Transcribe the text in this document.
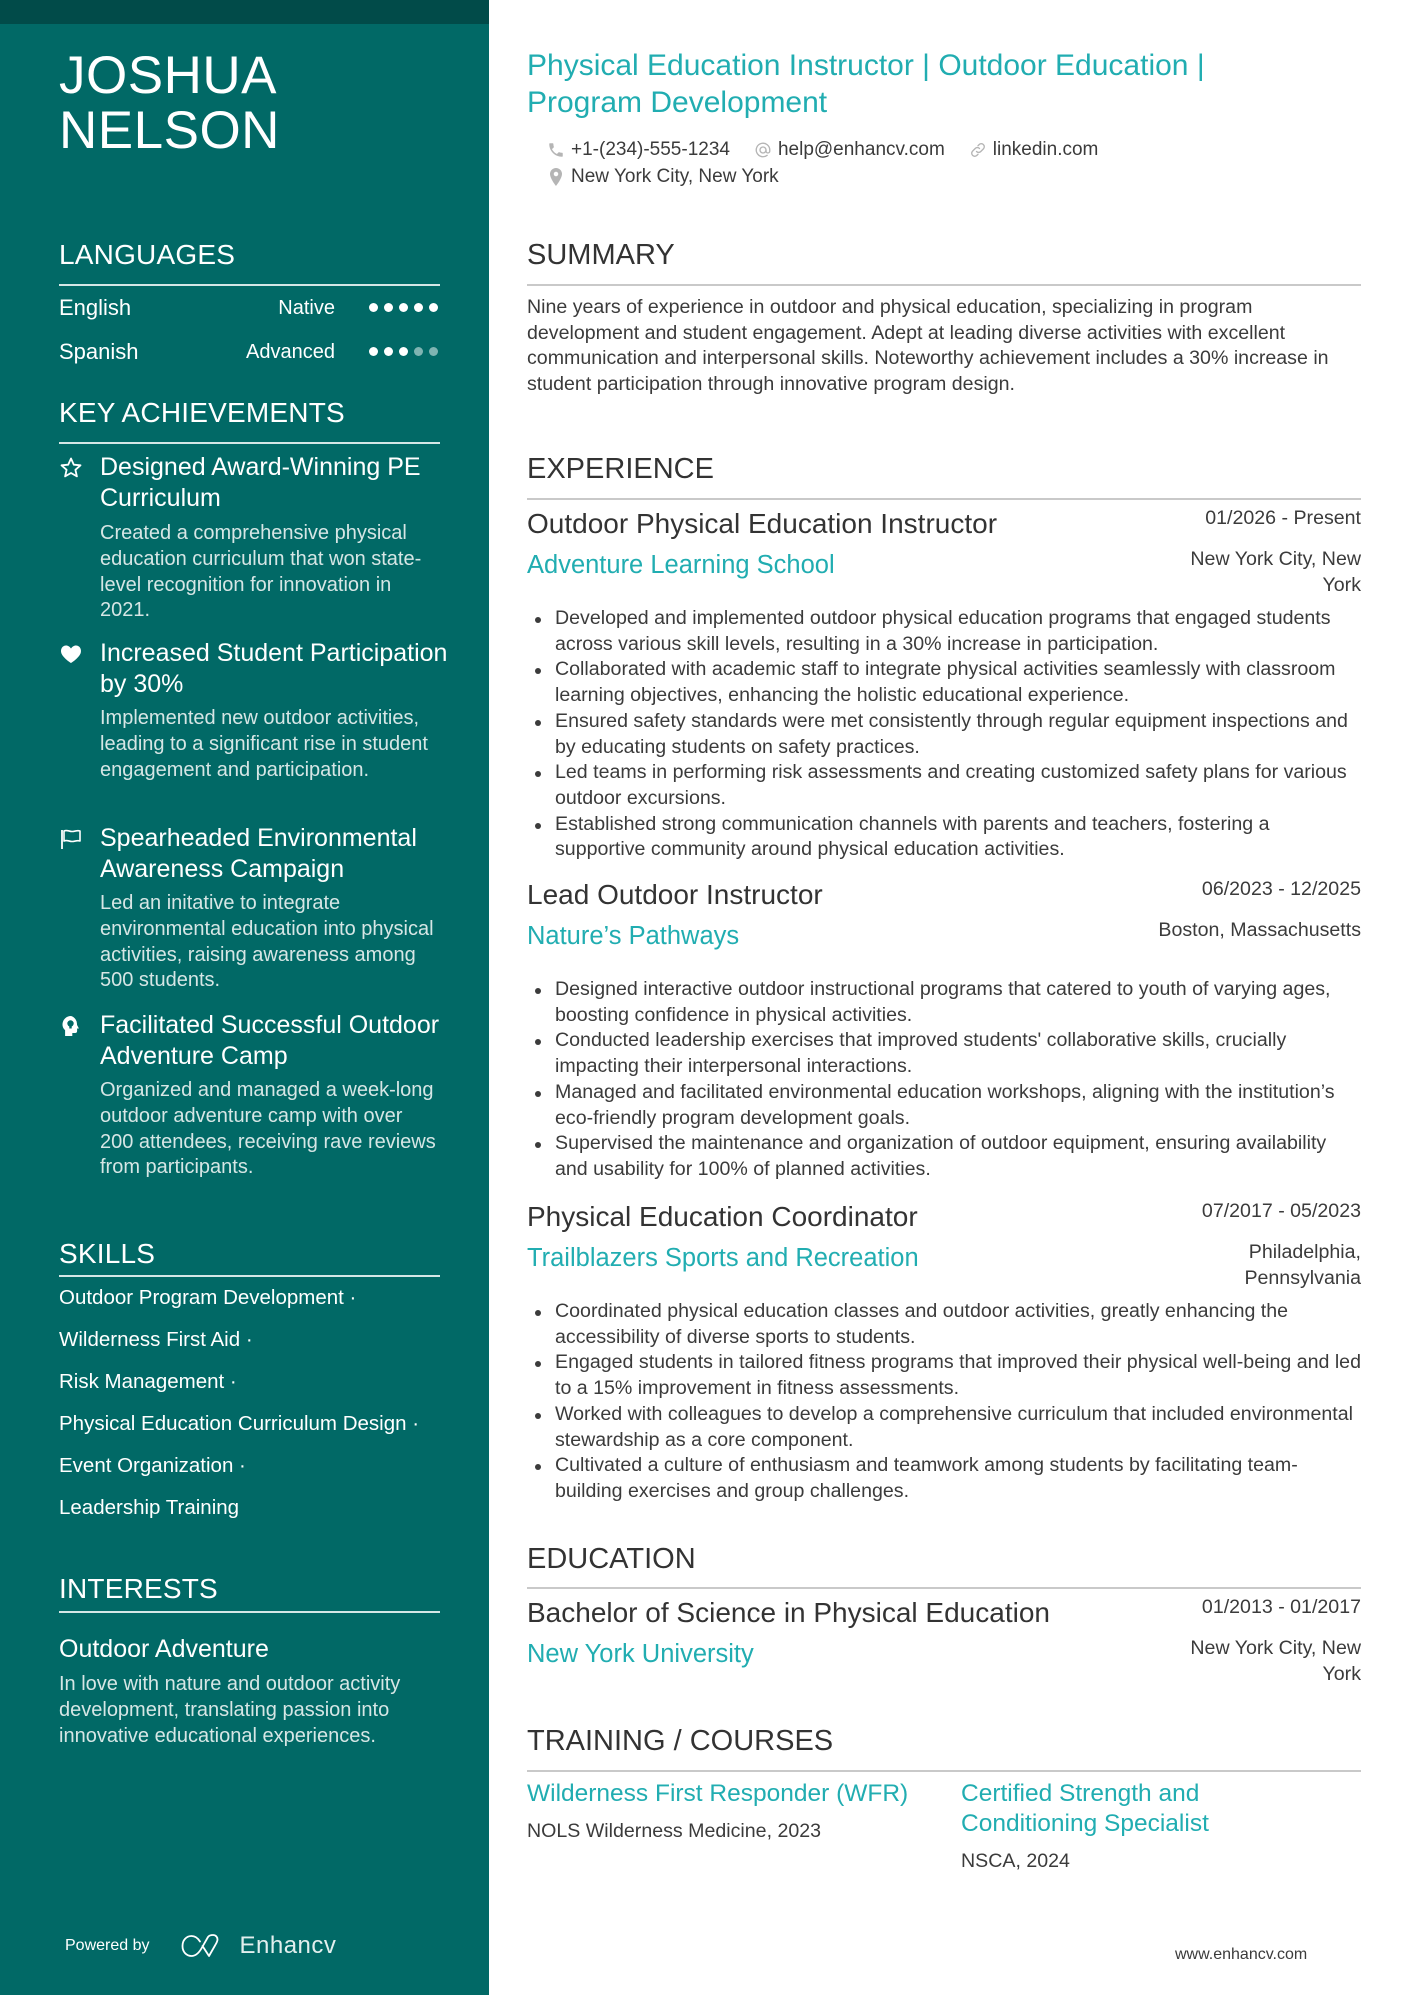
JOSHUA
NELSON
LANGUAGES
English	Native
Spanish	Advanced
KEY ACHIEVEMENTS
Designed Award-Winning PE Curriculum
Created a comprehensive physical education curriculum that won state-level recognition for innovation in 2021.
Increased Student Participation by 30%
Implemented new outdoor activities, leading to a significant rise in student engagement and participation.
Spearheaded Environmental Awareness Campaign
Led an initative to integrate environmental education into physical activities, raising awareness among 500 students.
Facilitated Successful Outdoor Adventure Camp
Organized and managed a week-long outdoor adventure camp with over 200 attendees, receiving rave reviews from participants.
SKILLS
Outdoor Program Development ·
Wilderness First Aid ·
Risk Management ·
Physical Education Curriculum Design ·
Event Organization ·
Leadership Training
INTERESTS
Outdoor Adventure
In love with nature and outdoor activity development, translating passion into innovative educational experiences.
Powered by	Enhancv
Physical Education Instructor | Outdoor Education | Program Development
+1-(234)-555-1234	help@enhancv.com	linkedin.com
New York City, New York
SUMMARY

Nine years of experience in outdoor and physical education, specializing in program development and student engagement. Adept at leading diverse activities with excellent communication and interpersonal skills. Noteworthy achievement includes a 30% increase in student participation through innovative program design.

EXPERIENCE
Outdoor Physical Education Instructor	01/2026 - Present
Adventure Learning School	New York City, New York
Developed and implemented outdoor physical education programs that engaged students across various skill levels, resulting in a 30% increase in participation.
Collaborated with academic staff to integrate physical activities seamlessly with classroom learning objectives, enhancing the holistic educational experience.
Ensured safety standards were met consistently through regular equipment inspections and by educating students on safety practices.
Led teams in performing risk assessments and creating customized safety plans for various outdoor excursions.
Established strong communication channels with parents and teachers, fostering a supportive community around physical education activities.
Lead Outdoor Instructor	06/2023 - 12/2025
Nature’s Pathways	Boston, Massachusetts
Designed interactive outdoor instructional programs that catered to youth of varying ages, boosting confidence in physical activities.
Conducted leadership exercises that improved students' collaborative skills, crucially impacting their interpersonal interactions.
Managed and facilitated environmental education workshops, aligning with the institution’s eco-friendly program development goals.
Supervised the maintenance and organization of outdoor equipment, ensuring availability and usability for 100% of planned activities.
Physical Education Coordinator	07/2017 - 05/2023
Trailblazers Sports and Recreation	Philadelphia, Pennsylvania
Coordinated physical education classes and outdoor activities, greatly enhancing the accessibility of diverse sports to students.
Engaged students in tailored fitness programs that improved their physical well-being and led to a 15% improvement in fitness assessments.
Worked with colleagues to develop a comprehensive curriculum that included environmental stewardship as a core component.
Cultivated a culture of enthusiasm and teamwork among students by facilitating team-building exercises and group challenges.
EDUCATION
Bachelor of Science in Physical Education	01/2013 - 01/2017
New York University	New York City, New York
TRAINING / COURSES
Wilderness First Responder (WFR)
NOLS Wilderness Medicine, 2023
Certified Strength and Conditioning Specialist
NSCA, 2024
www.enhancv.com
